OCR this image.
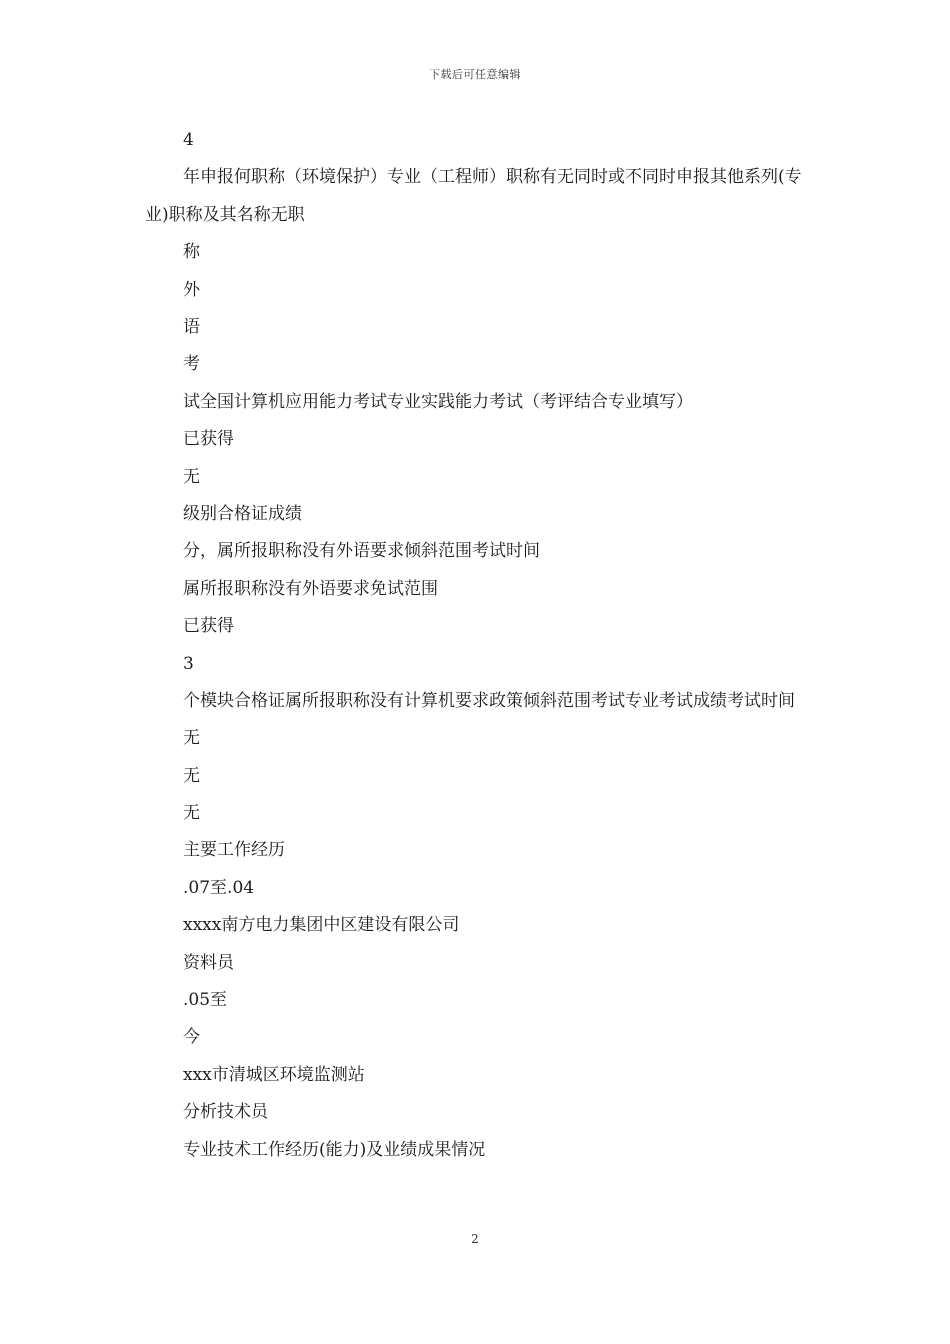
下载后可任意编辑
4
年申报何职称（环境保护）专业（工程师）职称有无同时或不同时申报其他系列(专业)职称及其名称无职
称
外
语
考
试全国计算机应用能力考试专业实践能力考试（考评结合专业填写）
已获得
无
级别合格证成绩
分，属所报职称没有外语要求倾斜范围考试时间
属所报职称没有外语要求免试范围
已获得
3
个模块合格证属所报职称没有计算机要求政策倾斜范围考试专业考试成绩考试时间
无
无
无
主要工作经历
.07至.04
xxxx南方电力集团中区建设有限公司
资料员
.05至
今
xxx市清城区环境监测站
分析技术员
专业技术工作经历(能力)及业绩成果情况
2
